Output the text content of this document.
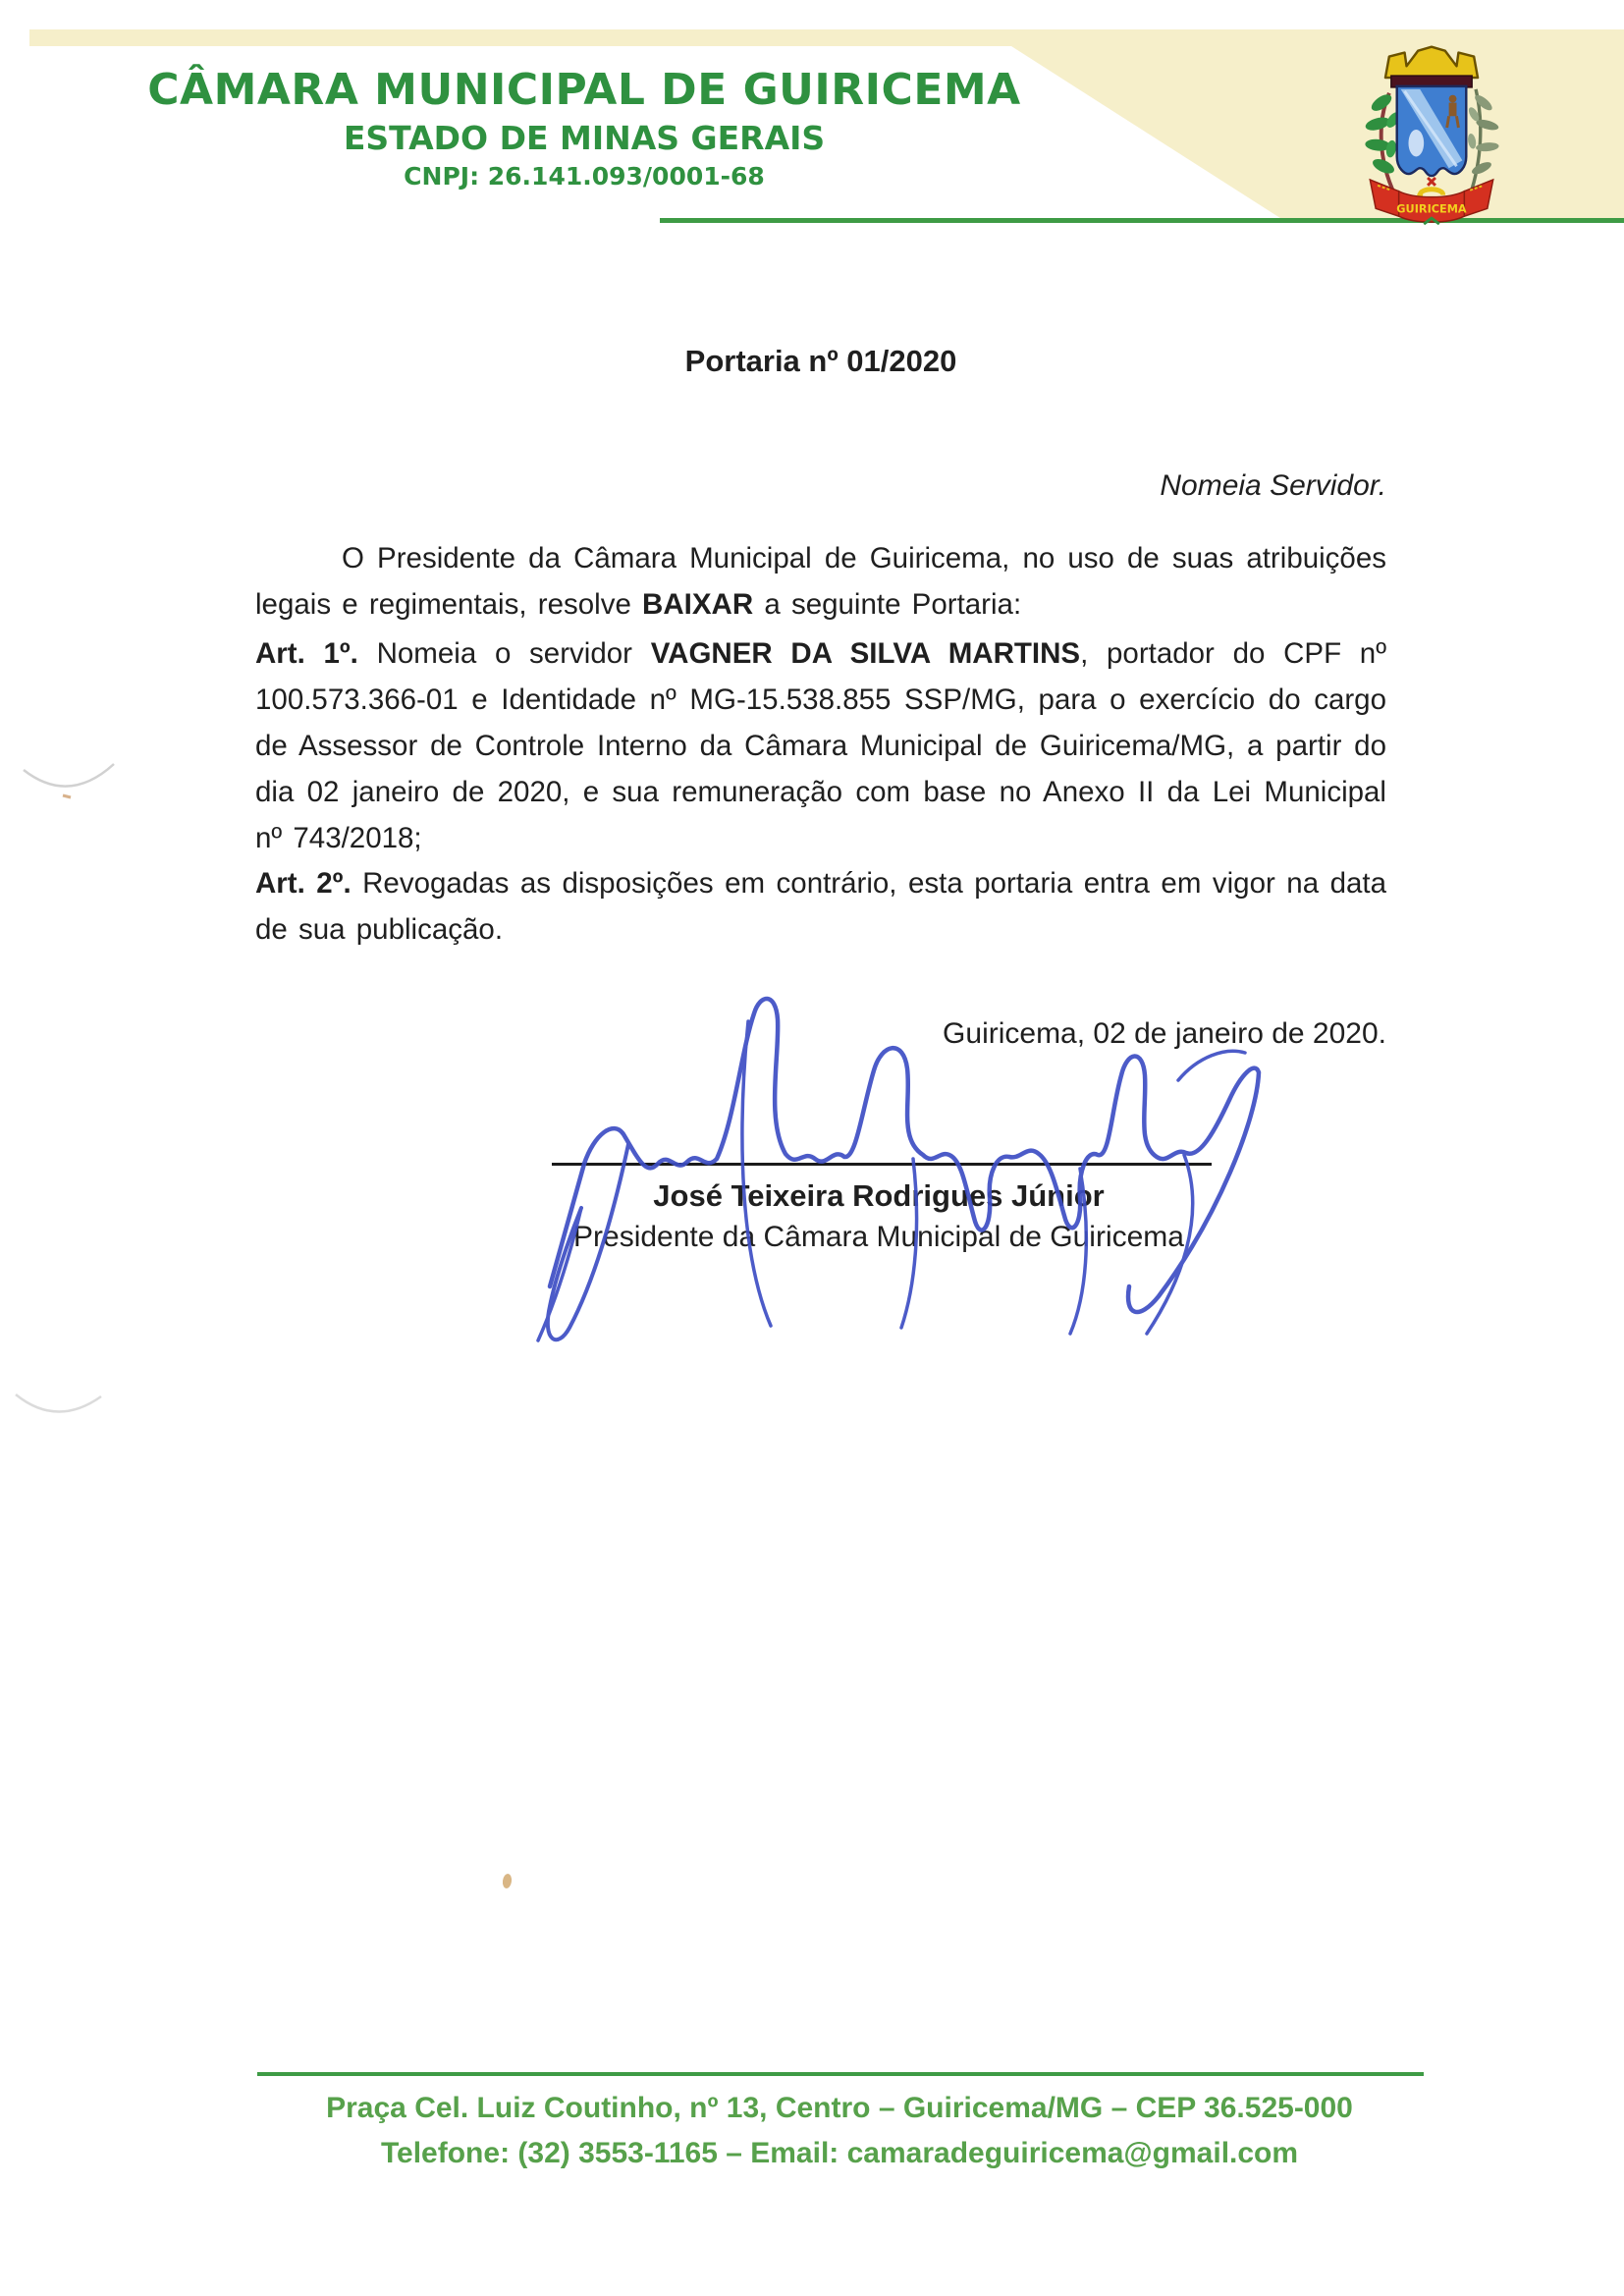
CÂMARA MUNICIPAL DE GUIRICEMA
ESTADO DE MINAS GERAIS
CNPJ: 26.141.093/0001-68
GUIRICEMA
Portaria nº 01/2020
Nomeia Servidor.

O Presidente da Câmara Municipal de Guiricema, no uso de suas atribuições legais e regimentais, resolve BAIXAR a seguinte Portaria:

Art. 1º. Nomeia o servidor VAGNER DA SILVA MARTINS, portador do CPF nº 100.573.366-01 e Identidade nº MG-15.538.855 SSP/MG, para o exercício do cargo de Assessor de Controle Interno da Câmara Municipal de Guiricema/MG, a partir do dia 02 janeiro de 2020, e sua remuneração com base no Anexo II da Lei Municipal nº 743/2018;

Art. 2º. Revogadas as disposições em contrário, esta portaria entra em vigor na data de sua publicação.

Guiricema, 02 de janeiro de 2020.
José Teixeira Rodrigues Júnior
Presidente da Câmara Municipal de Guiricema
Praça Cel. Luiz Coutinho, nº 13, Centro – Guiricema/MG – CEP 36.525-000
Telefone: (32) 3553-1165 – Email: camaradeguiricema@gmail.com
